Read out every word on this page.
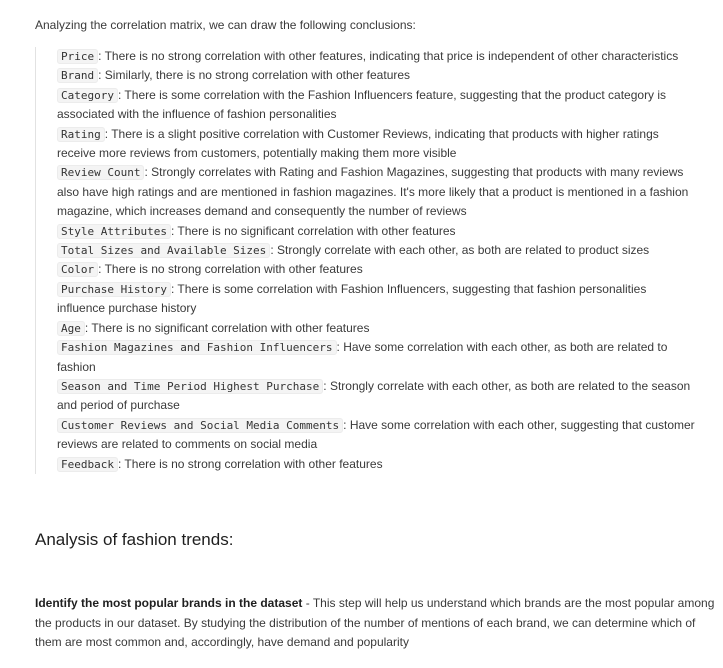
Analyzing the correlation matrix, we can draw the following conclusions:

Price : There is no strong correlation with other features, indicating that price is independent of other characteristics

Brand : Similarly, there is no strong correlation with other features

Category : There is some correlation with the Fashion Influencers feature, suggesting that the product category is associated with the influence of fashion personalities

Rating : There is a slight positive correlation with Customer Reviews, indicating that products with higher ratings receive more reviews from customers, potentially making them more visible

Review Count : Strongly correlates with Rating and Fashion Magazines, suggesting that products with many reviews also have high ratings and are mentioned in fashion magazines. It's more likely that a product is mentioned in a fashion magazine, which increases demand and consequently the number of reviews

Style Attributes : There is no significant correlation with other features

Total Sizes and Available Sizes : Strongly correlate with each other, as both are related to product sizes

Color : There is no strong correlation with other features

Purchase History : There is some correlation with Fashion Influencers, suggesting that fashion personalities influence purchase history

Age : There is no significant correlation with other features

Fashion Magazines and Fashion Influencers : Have some correlation with each other, as both are related to fashion

Season and Time Period Highest Purchase : Strongly correlate with each other, as both are related to the season and period of purchase

Customer Reviews and Social Media Comments : Have some correlation with each other, suggesting that customer reviews are related to comments on social media

Feedback : There is no strong correlation with other features

Analysis of fashion trends:

Identify the most popular brands in the dataset - This step will help us understand which brands are the most popular among the products in our dataset. By studying the distribution of the number of mentions of each brand, we can determine which of them are most common and, accordingly, have demand and popularity
